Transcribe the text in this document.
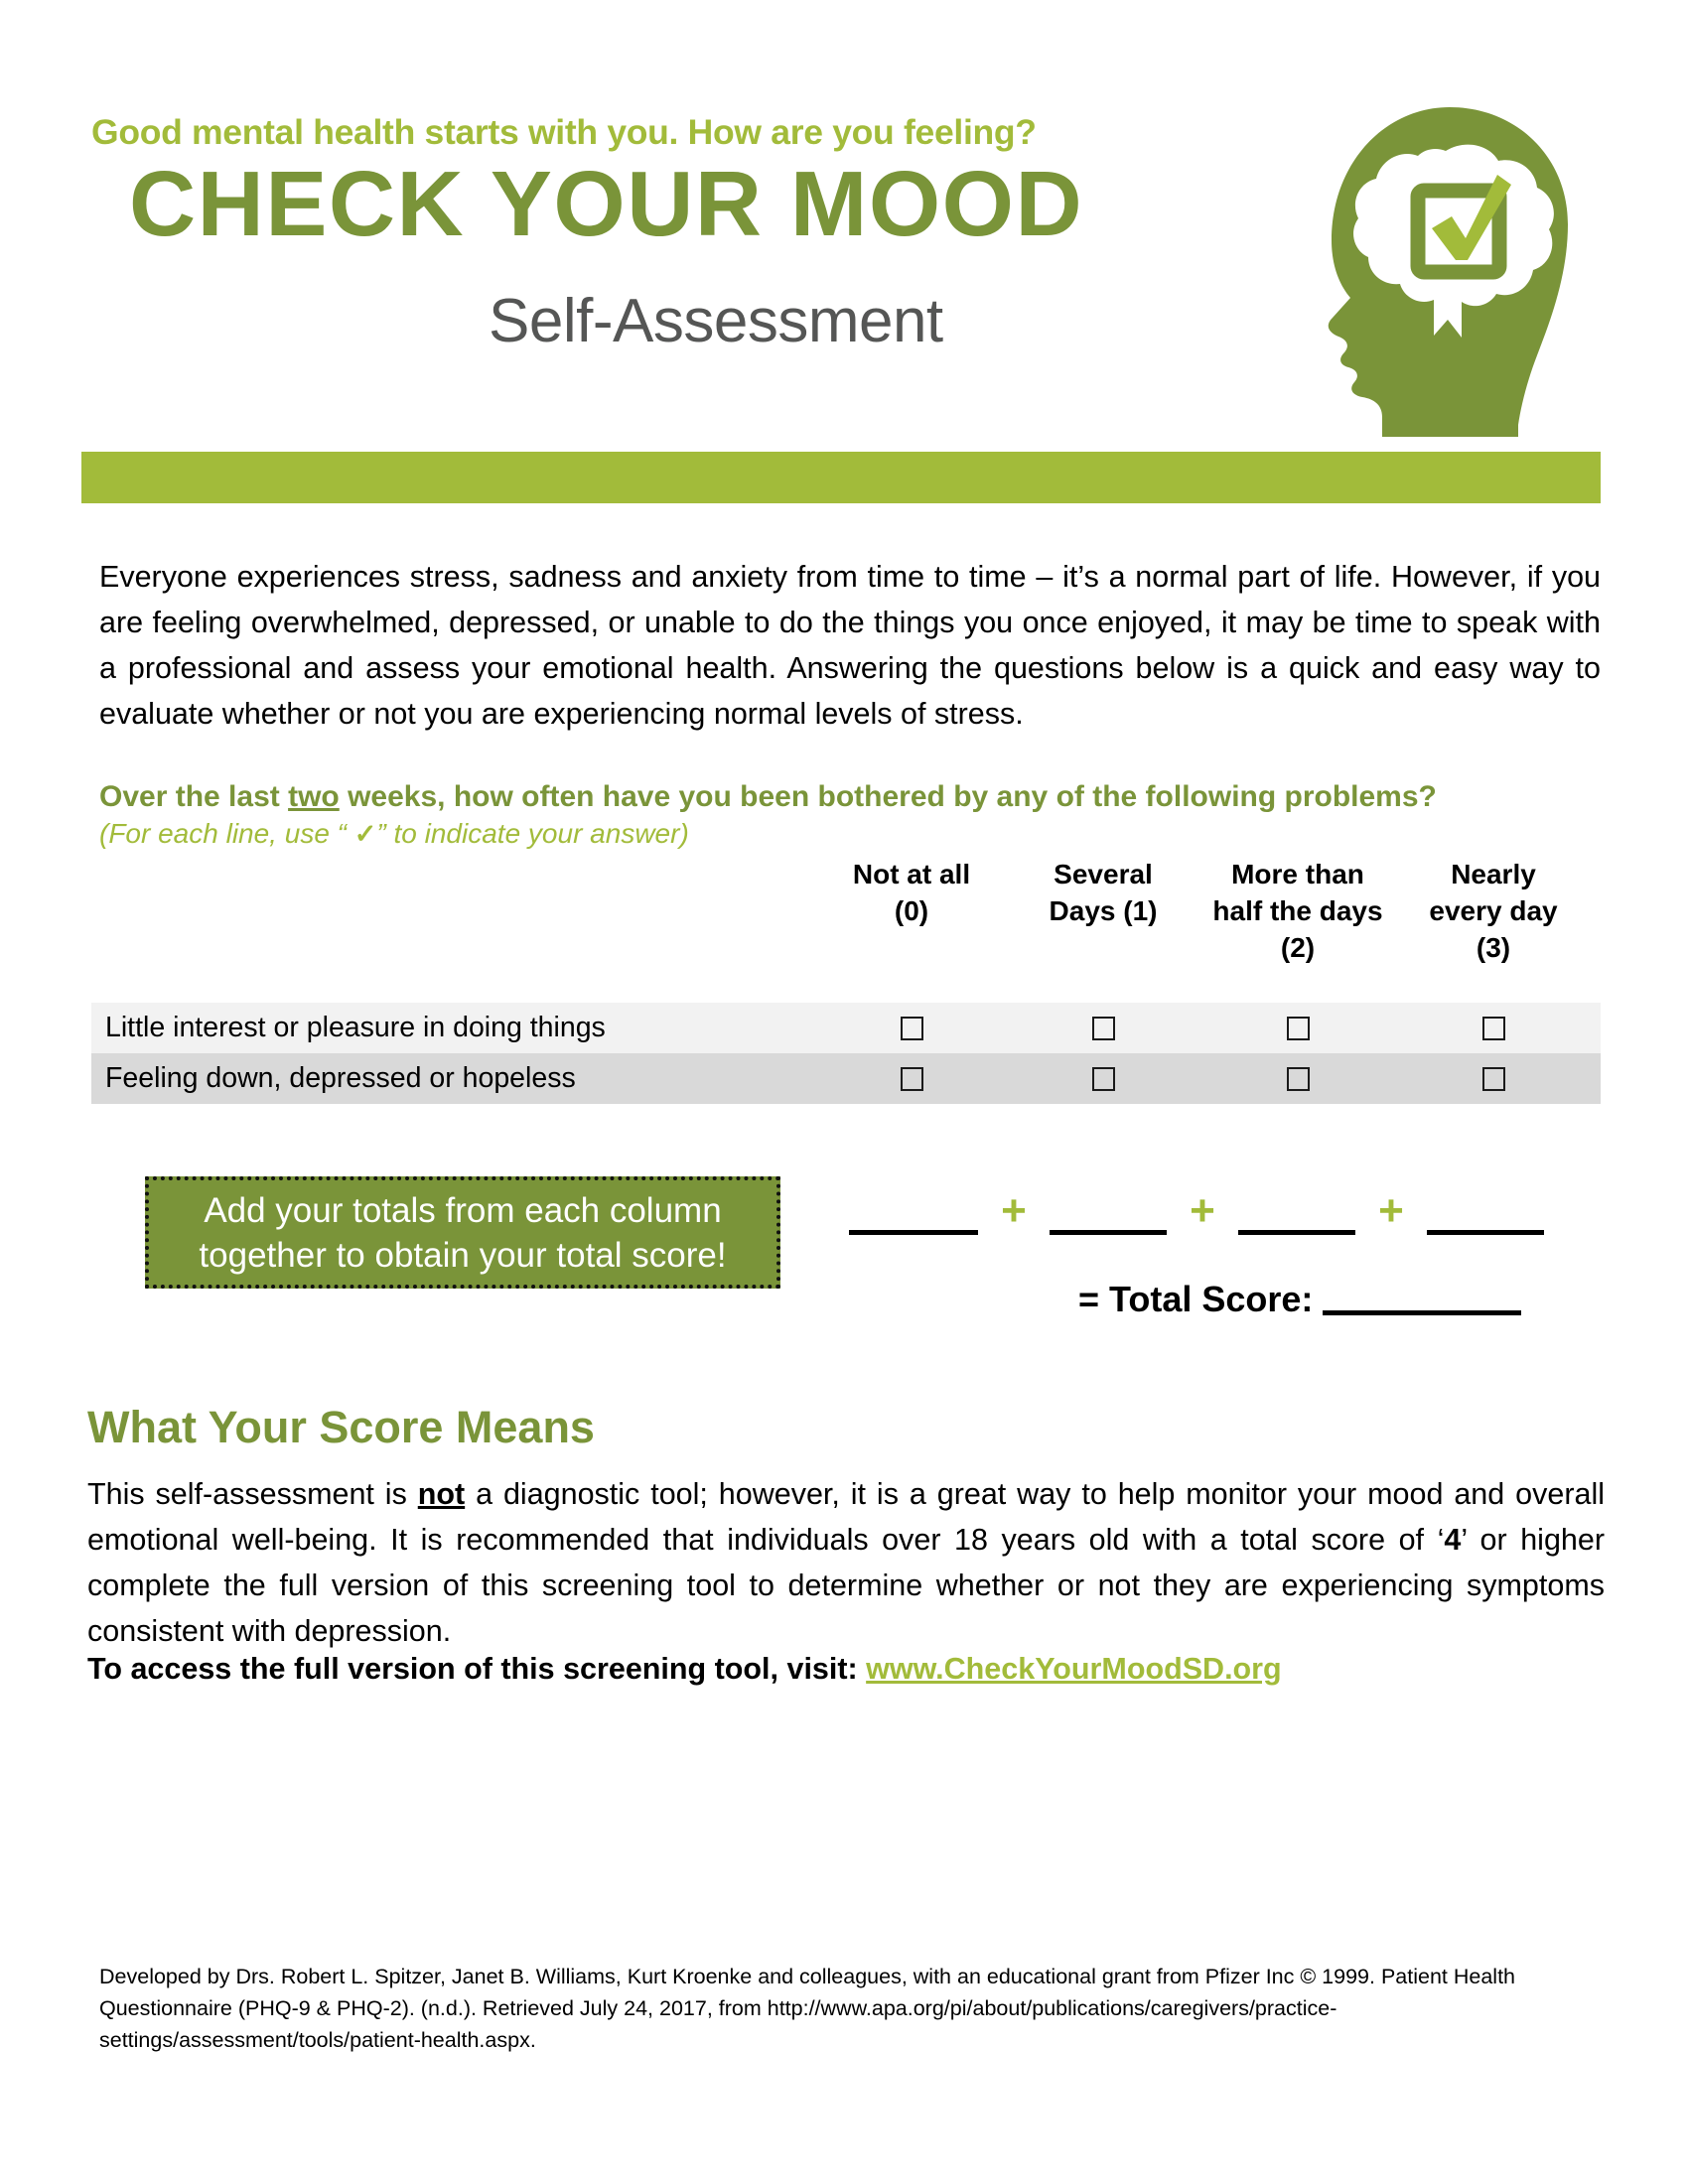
Good mental health starts with you. How are you feeling?
CHECK YOUR MOOD
Self-Assessment
Everyone experiences stress, sadness and anxiety from time to time – it’s a normal part of life. However, if you are feeling overwhelmed, depressed, or unable to do the things you once enjoyed, it may be time to speak with a professional and assess your emotional health. Answering the questions below is a quick and easy way to evaluate whether or not you are experiencing normal levels of stress.
Over the last two weeks, how often have you been bothered by any of the following problems?
(For each line, use “ ✓” to indicate your answer)
Not at all
(0)
Several
Days (1)
More than
half the days
(2)
Nearly
every day
(3)
Little interest or pleasure in doing things
Feeling down, depressed or hopeless
Add your totals from each column
together to obtain your total score!
+	+	+
= Total Score:
What Your Score Means
This self-assessment is not a diagnostic tool; however, it is a great way to help monitor your mood and overall emotional well-being. It is recommended that individuals over 18 years old with a total score of ‘4’ or higher complete the full version of this screening tool to determine whether or not they are experiencing symptoms consistent with depression.
To access the full version of this screening tool, visit: www.CheckYourMoodSD.org
Developed by Drs. Robert L. Spitzer, Janet B. Williams, Kurt Kroenke and colleagues, with an educational grant from Pfizer Inc © 1999. Patient Health Questionnaire (PHQ-9 & PHQ-2). (n.d.). Retrieved July 24, 2017, from http://www.apa.org/pi/about/publications/caregivers/practice-settings/assessment/tools/patient-health.aspx.
